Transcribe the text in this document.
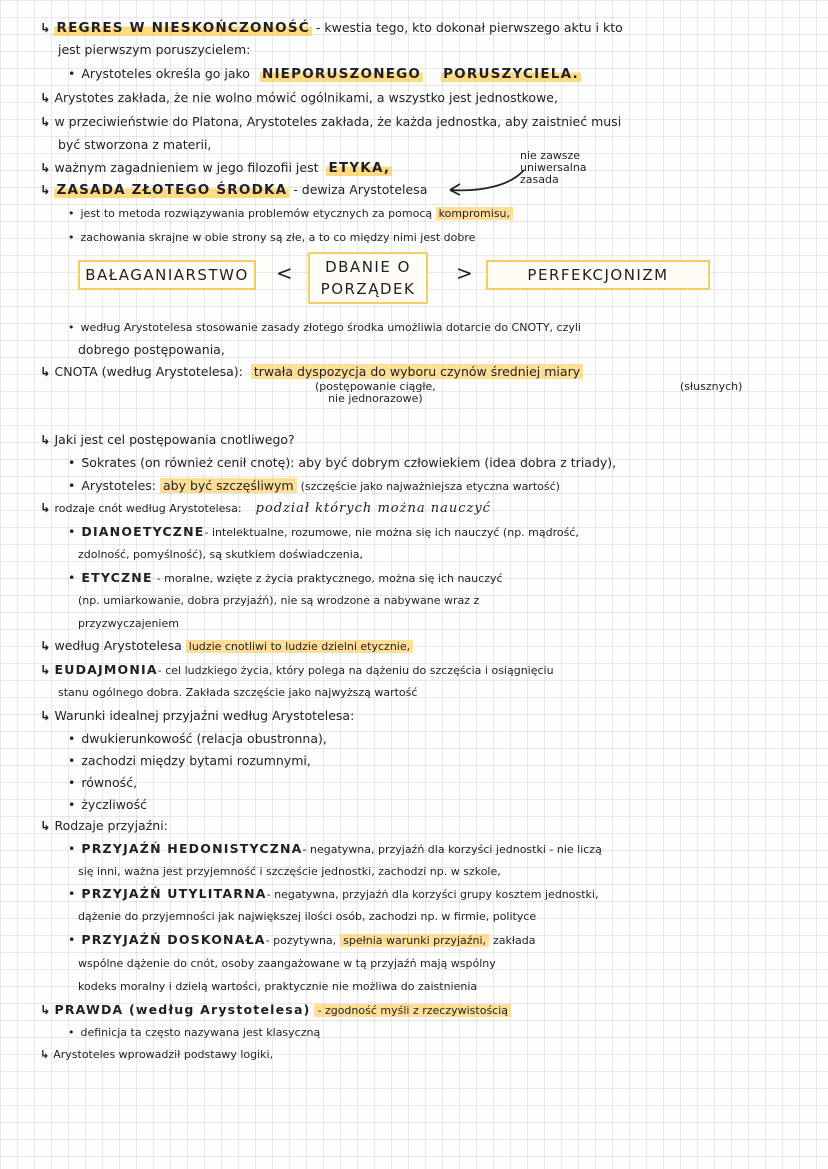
↳ REGRES W NIESKOŃCZONOŚĆ - kwestia tego, kto dokonał pierwszego aktu i kto
jest pierwszym poruszycielem:
• Arystoteles określa go jako NIEPORUSZONEGO PORUSZYCIELA.
↳ Arystotes zakłada, że nie wolno mówić ogólnikami, a wszystko jest jednostkowe,
↳ w przeciwieństwie do Platona, Arystoteles zakłada, że każda jednostka, aby zaistnieć musi
być stworzona z materii,
↳ ważnym zagadnieniem w jego filozofii jest ETYKA,
nie zawsze
uniwersalna
zasada
↳ ZASADA ZŁOTEGO ŚRODKA - dewiza Arystotelesa
• jest to metoda rozwiązywania problemów etycznych za pomocą kompromisu,
• zachowania skrajne w obie strony są złe, a to co między nimi jest dobre
BAŁAGANIARSTWO	<	DBANIE O
PORZĄDEK
>	PERFEKCJONIZM
• według Arystotelesa stosowanie zasady złotego środka umożliwia dotarcie do CNOTY, czyli
dobrego postępowania,
↳ CNOTA (według Arystotelesa): trwała dyspozycja do wyboru czynów średniej miary
(postępowanie ciągłe,
nie jednorazowe)
(słusznych)
↳ Jaki jest cel postępowania cnotliwego?
• Sokrates (on również cenił cnotę): aby być dobrym człowiekiem (idea dobra z triady),
• Arystoteles: aby być szczęśliwym (szczęście jako najważniejsza etyczna wartość)
↳ rodzaje cnót według Arystotelesa: podział których można nauczyć
• DIANOETYCZNE- intelektualne, rozumowe, nie można się ich nauczyć (np. mądrość,
zdolność, pomyślność), są skutkiem doświadczenia,
• ETYCZNE - moralne, wzięte z życia praktycznego, można się ich nauczyć
(np. umiarkowanie, dobra przyjaźń), nie są wrodzone a nabywane wraz z
przyzwyczajeniem
↳ według Arystotelesa ludzie cnotliwi to ludzie dzielni etycznie,
↳ EUDAJMONIA- cel ludzkiego życia, który polega na dążeniu do szczęścia i osiągnięciu
stanu ogólnego dobra. Zakłada szczęście jako najwyższą wartość
↳ Warunki idealnej przyjaźni według Arystotelesa:
• dwukierunkowość (relacja obustronna),
• zachodzi między bytami rozumnymi,
• równość,
• życzliwość
↳ Rodzaje przyjaźni:
• PRZYJAŹŃ HEDONISTYCZNA- negatywna, przyjaźń dla korzyści jednostki - nie liczą
się inni, ważna jest przyjemność i szczęście jednostki, zachodzi np. w szkole,
• PRZYJAŹŃ UTYLITARNA- negatywna, przyjaźń dla korzyści grupy kosztem jednostki,
dążenie do przyjemności jak największej ilości osób, zachodzi np. w firmie, polityce
• PRZYJAŹŃ DOSKONAŁA- pozytywna, spełnia warunki przyjaźni, zakłada
wspólne dążenie do cnót, osoby zaangażowane w tą przyjaźń mają wspólny
kodeks moralny i dzielą wartości, praktycznie nie możliwa do zaistnienia
↳ PRAWDA (według Arystotelesa) - zgodność myśli z rzeczywistością
• definicja ta często nazywana jest klasyczną
↳ Arystoteles wprowadził podstawy logiki,
